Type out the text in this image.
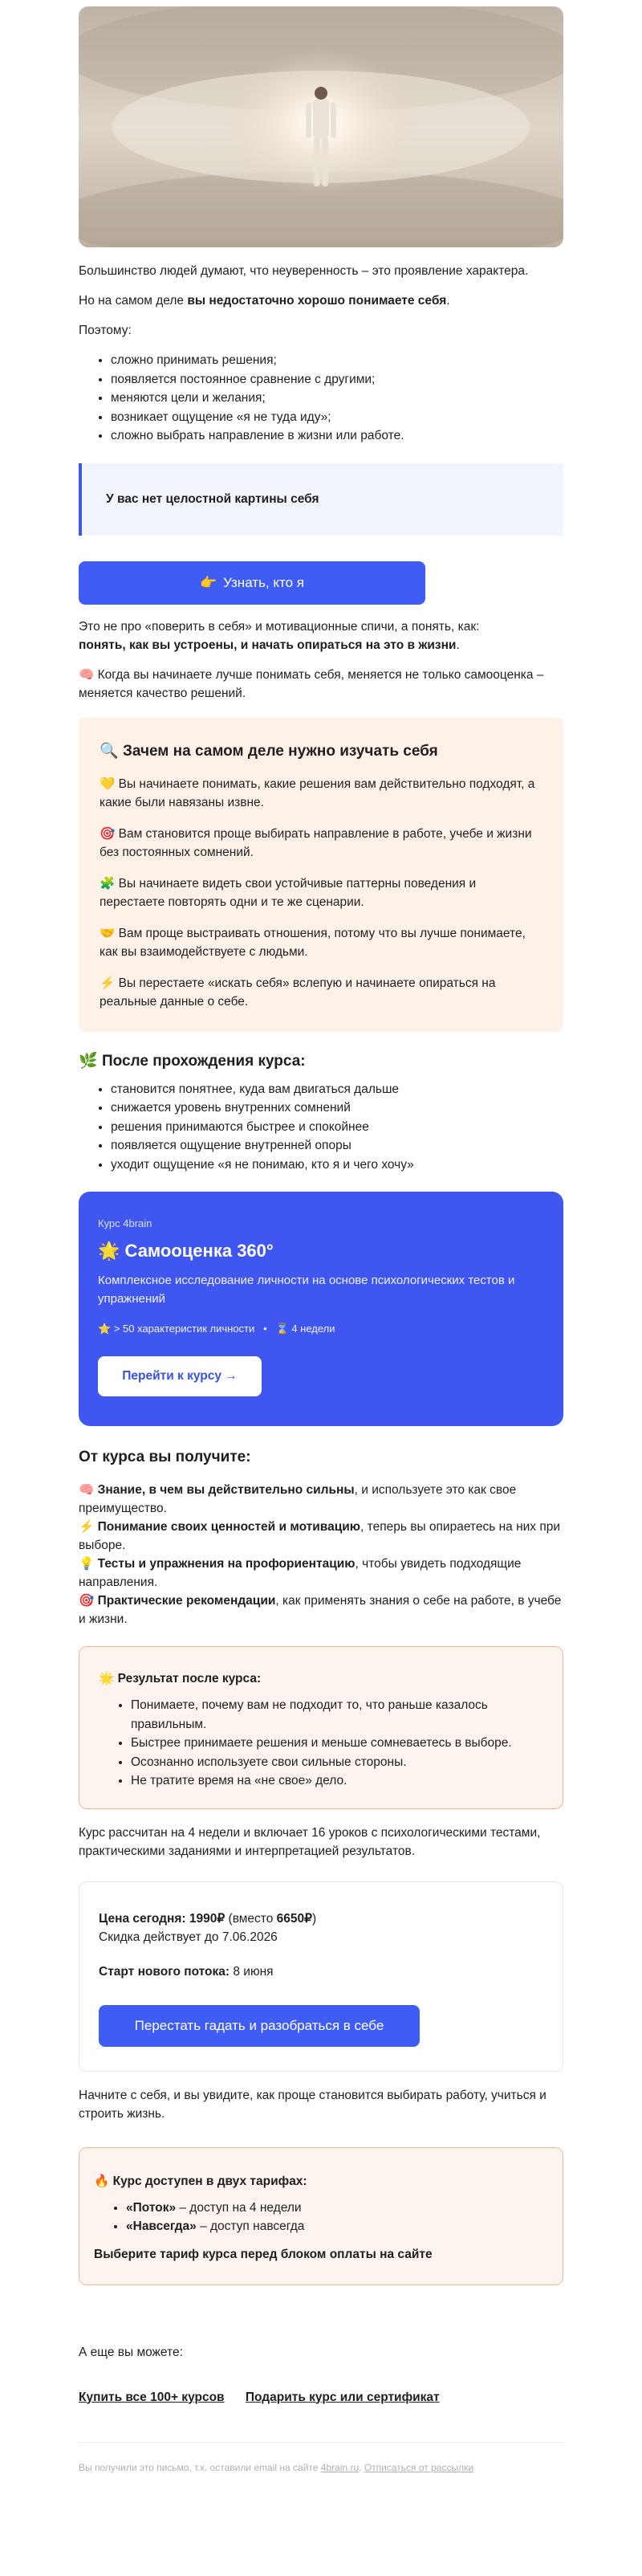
Большинство людей думают, что неуверенность – это проявление характера.

Но на самом деле вы недостаточно хорошо понимаете себя.

Поэтому:

• сложно принимать решения;
• появляется постоянное сравнение с другими;
• меняются цели и желания;
• возникает ощущение «я не туда иду»;
• сложно выбрать направление в жизни или работе.
У вас нет целостной картины себя
👉 Узнать, кто я

Это не про «поверить в себя» и мотивационные спичи, а понять, как:
понять, как вы устроены, и начать опираться на это в жизни.

🧠 Когда вы начинаете лучше понимать себя, меняется не только самооценка – меняется качество решений.

🔍 Зачем на самом деле нужно изучать себя

💛 Вы начинаете понимать, какие решения вам действительно подходят, а какие были навязаны извне.

🎯 Вам становится проще выбирать направление в работе, учебе и жизни без постоянных сомнений.

🧩 Вы начинаете видеть свои устойчивые паттерны поведения и перестаете повторять одни и те же сценарии.

🤝 Вам проще выстраивать отношения, потому что вы лучше понимаете, как вы взаимодействуете с людьми.

⚡ Вы перестаете «искать себя» вслепую и начинаете опираться на реальные данные о себе.

🌿 После прохождения курса:
• становится понятнее, куда вам двигаться дальше
• снижается уровень внутренних сомнений
• решения принимаются быстрее и спокойнее
• появляется ощущение внутренней опоры
• уходит ощущение «я не понимаю, кто я и чего хочу»
Курс 4brain
🌟 Самооценка 360°
Комплексное исследование личности на основе психологических тестов и упражнений
⭐ > 50 характеристик личности • ⌛ 4 недели
Перейти к курсу →
От курса вы получите:
🧠 Знание, в чем вы действительно сильны, и используете это как свое преимущество.
⚡ Понимание своих ценностей и мотивацию, теперь вы опираетесь на них при выборе.
💡 Тесты и упражнения на профориентацию, чтобы увидеть подходящие направления.
🎯 Практические рекомендации, как применять знания о себе на работе, в учебе и жизни.
🌟 Результат после курса:
• Понимаете, почему вам не подходит то, что раньше казалось правильным.
• Быстрее принимаете решения и меньше сомневаетесь в выборе.
• Осознанно используете свои сильные стороны.
• Не тратите время на «не свое» дело.

Курс рассчитан на 4 недели и включает 16 уроков с психологическими тестами, практическими заданиями и интерпретацией результатов.

Цена сегодня: 1990₽ (вместо 6650₽)
Скидка действует до 7.06.2026
Старт нового потока: 8 июня
Перестать гадать и разобраться в себе

Начните с себя, и вы увидите, как проще становится выбирать работу, учиться и строить жизнь.

🔥 Курс доступен в двух тарифах:
• «Поток» – доступ на 4 недели
• «Навсегда» – доступ навсегда
Выберите тариф курса перед блоком оплаты на сайте

А еще вы можете:

Купить все 100+ курсов Подарить курс или сертификат
Вы получили это письмо, т.к. оставили email на сайте 4brain.ru. Отписаться от рассылки
